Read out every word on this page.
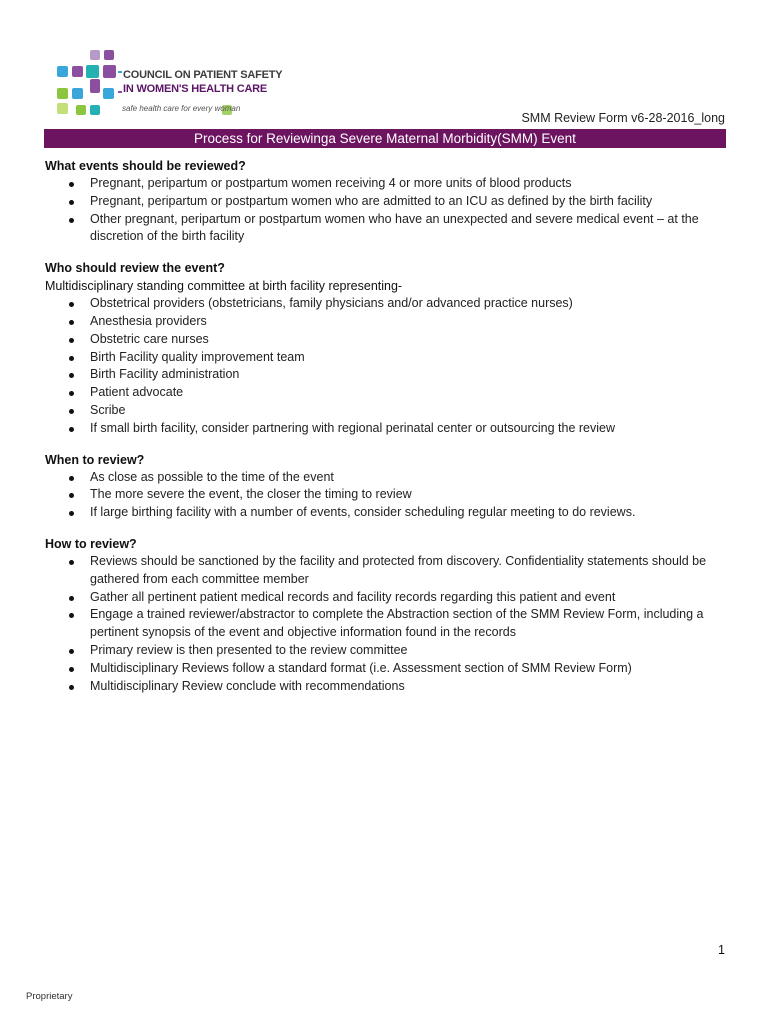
COUNCIL ON PATIENT SAFETY
IN WOMEN'S HEALTH CARE
safe health care for every woman
SMM Review Form v6-28-2016_long
Process for Reviewinga Severe Maternal Morbidity(SMM) Event
What events should be reviewed?
Pregnant, peripartum or postpartum women receiving 4 or more units of blood products
Pregnant, peripartum or postpartum women who are admitted to an ICU as defined by the birth facility
Other pregnant, peripartum or postpartum women who have an unexpected and severe medical event – at the discretion of the birth facility
Who should review the event?

Multidisciplinary standing committee at birth facility representing-

Obstetrical providers (obstetricians, family physicians and/or advanced practice nurses)
Anesthesia providers
Obstetric care nurses
Birth Facility quality improvement team
Birth Facility administration
Patient advocate
Scribe
If small birth facility, consider partnering with regional perinatal center or outsourcing the review
When to review?
As close as possible to the time of the event
The more severe the event, the closer the timing to review
If large birthing facility with a number of events, consider scheduling regular meeting to do reviews.
How to review?
Reviews should be sanctioned by the facility and protected from discovery. Confidentiality statements should be gathered from each committee member
Gather all pertinent patient medical records and facility records regarding this patient and event
Engage a trained reviewer/abstractor to complete the Abstraction section of the SMM Review Form, including a pertinent synopsis of the event and objective information found in the records
Primary review is then presented to the review committee
Multidisciplinary Reviews follow a standard format (i.e. Assessment section of SMM Review Form)
Multidisciplinary Review conclude with recommendations
1
Proprietary
